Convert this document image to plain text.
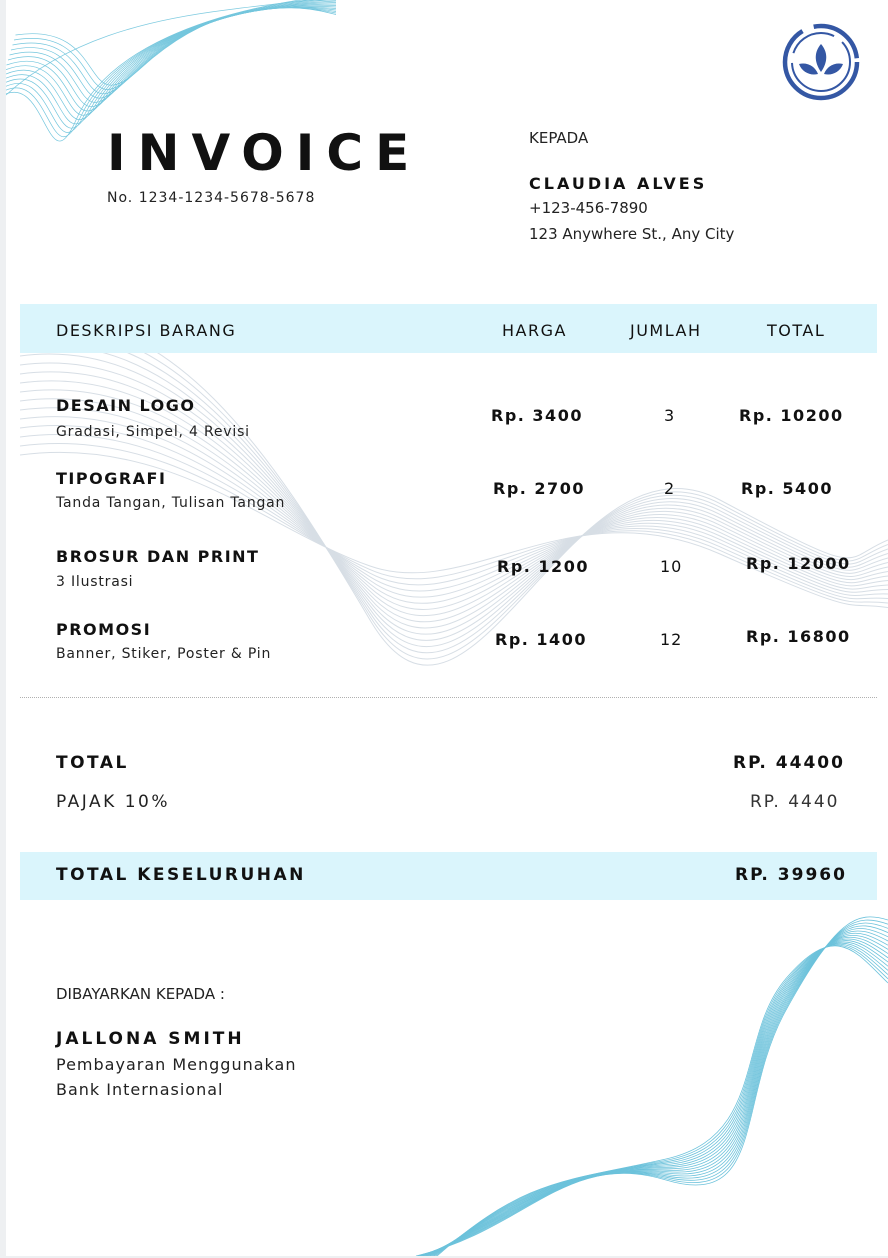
INVOICE
No. 1234-1234-5678-5678
KEPADA
CLAUDIA ALVES
+123-456-7890
123 Anywhere St., Any City
DESKRIPSI BARANG	HARGA	JUMLAH	TOTAL
DESAIN LOGO
Gradasi, Simpel, 4 Revisi
Rp. 3400	3	Rp. 10200
TIPOGRAFI
Tanda Tangan, Tulisan Tangan
Rp. 2700	2	Rp. 5400
BROSUR DAN PRINT
3 Ilustrasi
Rp. 1200	10	Rp. 12000
PROMOSI
Banner, Stiker, Poster & Pin
Rp. 1400	12	Rp. 16800
TOTAL	RP. 44400
PAJAK 10%	RP. 4440
TOTAL KESELURUHAN	RP. 39960
DIBAYARKAN KEPADA :
JALLONA SMITH
Pembayaran Menggunakan
Bank Internasional
